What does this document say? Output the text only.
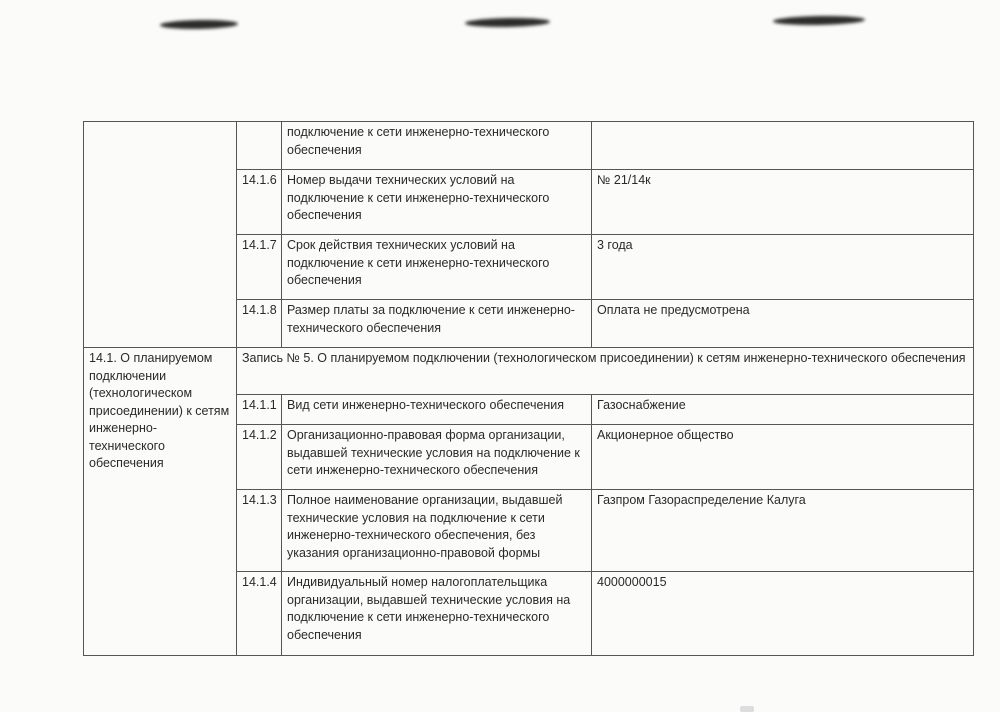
		подключение к сети инженерно-технического обеспечения	
	14.1.6	Номер выдачи технических условий на подключение к сети инженерно-технического обеспечения	№ 21/14к
	14.1.7	Срок действия технических условий на подключение к сети инженерно-технического обеспечения	3 года
	14.1.8	Размер платы за подключение к сети инженерно-технического обеспечения	Оплата не предусмотрена
14.1. О планируемом подключении (технологическом присоединении) к сетям инженерно-технического обеспечения	Запись № 5. О планируемом подключении (технологическом присоединении) к сетям инженерно-технического обеспечения		
	14.1.1	Вид сети инженерно-технического обеспечения	Газоснабжение
	14.1.2	Организационно-правовая форма организации, выдавшей технические условия на подключение к сети инженерно-технического обеспечения	Акционерное общество
	14.1.3	Полное наименование организации, выдавшей технические условия на подключение к сети инженерно-технического обеспечения, без указания организационно-правовой формы	Газпром Газораспределение Калуга
	14.1.4	Индивидуальный номер налогоплательщика организации, выдавшей технические условия на подключение к сети инженерно-технического обеспечения	4000000015
